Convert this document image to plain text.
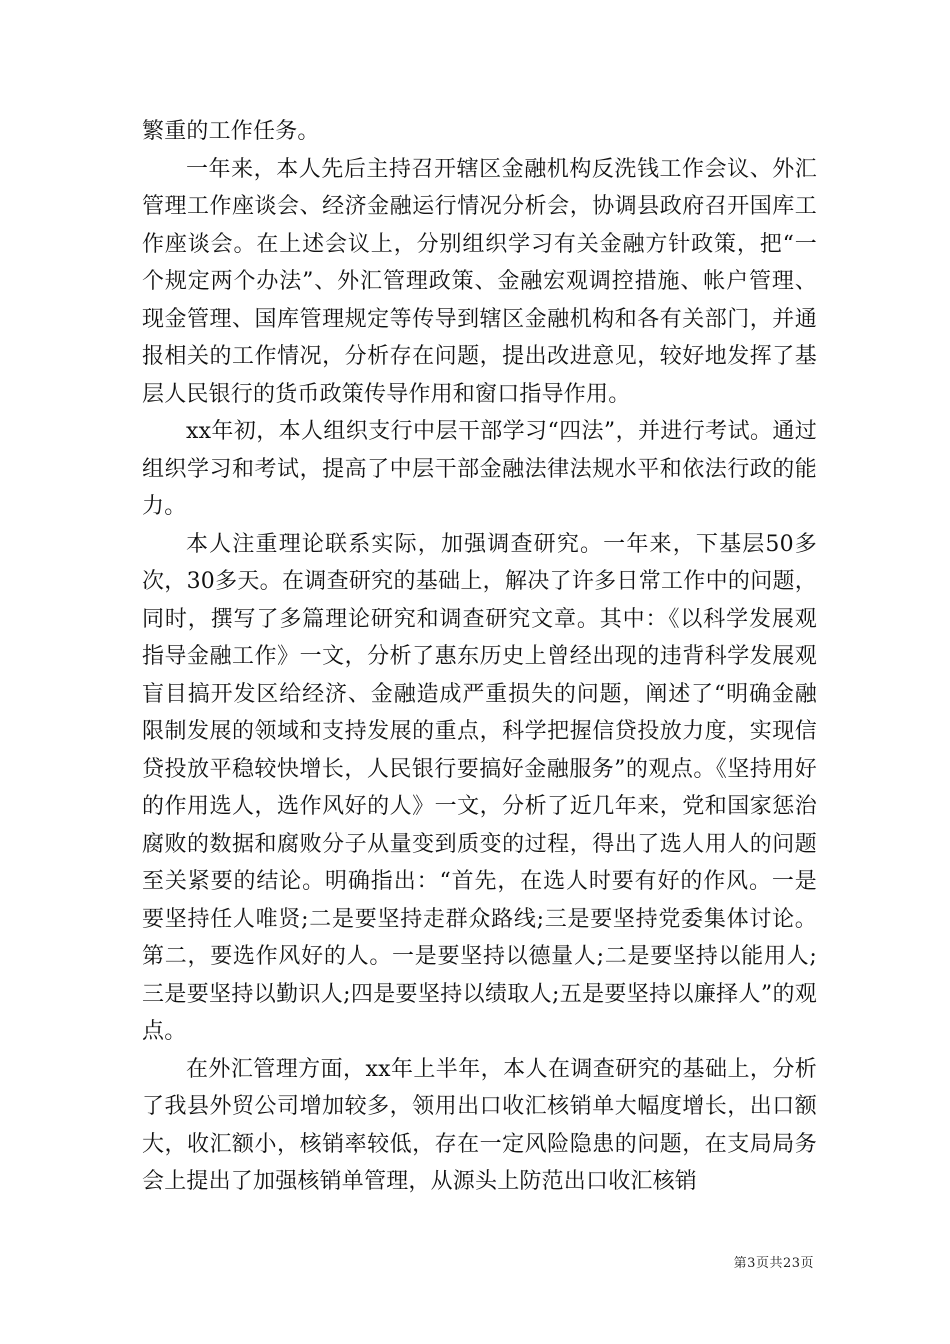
繁重的工作任务。

一年来，本人先后主持召开辖区金融机构反洗钱工作会议、外汇管理工作座谈会、经济金融运行情况分析会，协调县政府召开国库工作座谈会。在上述会议上，分别组织学习有关金融方针政策，把“一个规定两个办法”、外汇管理政策、金融宏观调控措施、帐户管理、现金管理、国库管理规定等传导到辖区金融机构和各有关部门，并通报相关的工作情况，分析存在问题，提出改进意见，较好地发挥了基层人民银行的货币政策传导作用和窗口指导作用。

xx年初，本人组织支行中层干部学习“四法”，并进行考试。通过组织学习和考试，提高了中层干部金融法律法规水平和依法行政的能力。

本人注重理论联系实际，加强调查研究。一年来，下基层50多次，30多天。在调查研究的基础上，解决了许多日常工作中的问题，同时，撰写了多篇理论研究和调查研究文章。其中：《以科学发展观指导金融工作》一文，分析了惠东历史上曾经出现的违背科学发展观盲目搞开发区给经济、金融造成严重损失的问题，阐述了“明确金融限制发展的领域和支持发展的重点，科学把握信贷投放力度，实现信贷投放平稳较快增长，人民银行要搞好金融服务”的观点。《坚持用好的作用选人，选作风好的人》一文，分析了近几年来，党和国家惩治腐败的数据和腐败分子从量变到质变的过程，得出了选人用人的问题至关紧要的结论。明确指出：“首先，在选人时要有好的作风。一是要坚持任人唯贤;二是要坚持走群众路线;三是要坚持党委集体讨论。第二，要选作风好的人。一是要坚持以德量人;二是要坚持以能用人;三是要坚持以勤识人;四是要坚持以绩取人;五是要坚持以廉择人”的观点。

在外汇管理方面，xx年上半年，本人在调查研究的基础上，分析了我县外贸公司增加较多，领用出口收汇核销单大幅度增长，出口额大，收汇额小，核销率较低，存在一定风险隐患的问题，在支局局务会上提出了加强核销单管理，从源头上防范出口收汇核销

第3页共23页
